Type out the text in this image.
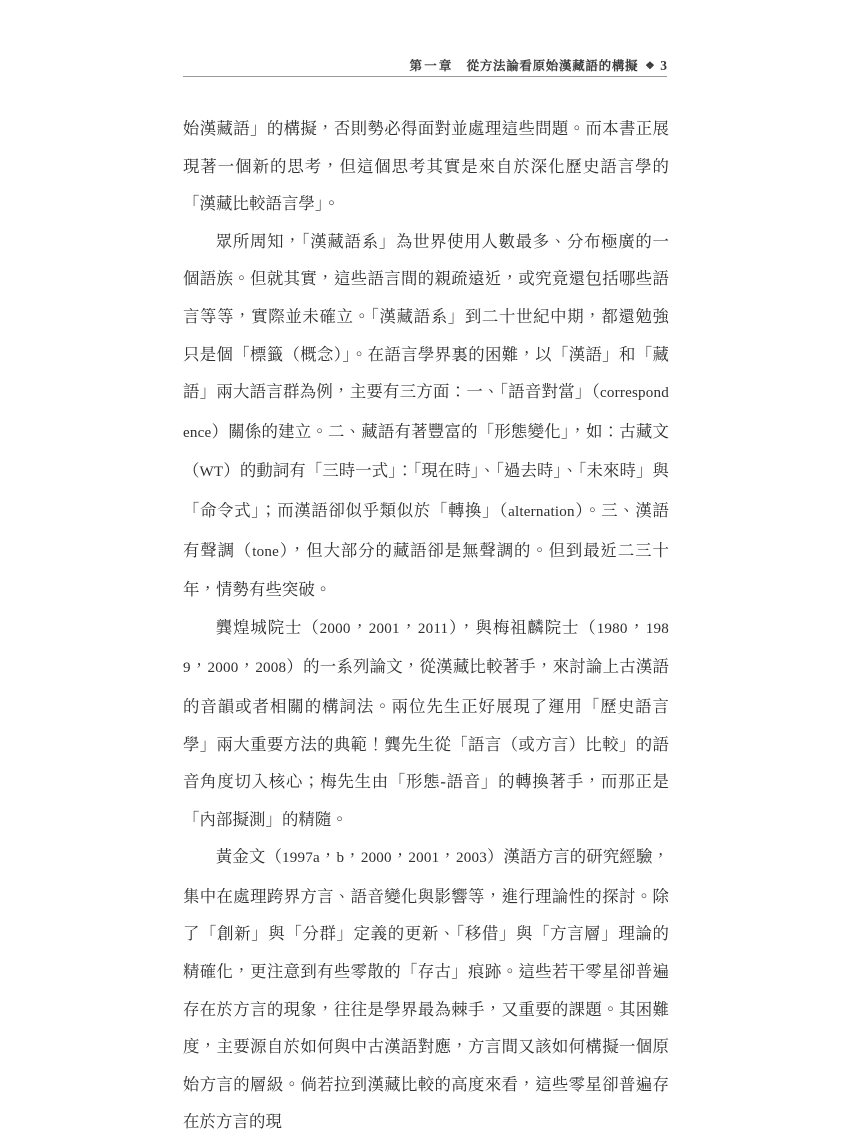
第一章 從方法論看原始漢藏語的構擬 ❖ 3

始漢藏語」的構擬，否則勢必得面對並處理這些問題。而本書正展現著一個新的思考，但這個思考其實是來自於深化歷史語言學的「漢藏比較語言學」。

眾所周知，「漢藏語系」為世界使用人數最多、分布極廣的一個語族。但就其實，這些語言間的親疏遠近，或究竟還包括哪些語言等等，實際並未確立。「漢藏語系」到二十世紀中期，都還勉強只是個「標籤（概念）」。在語言學界裏的困難，以「漢語」和「藏語」兩大語言群為例，主要有三方面：一、「語音對當」（correspondence）關係的建立。二、藏語有著豐富的「形態變化」，如：古藏文（WT）的動詞有「三時一式」：「現在時」、「過去時」、「未來時」與「命令式」；而漢語卻似乎類似於「轉換」（alternation）。三、漢語有聲調（tone），但大部分的藏語卻是無聲調的。但到最近二三十年，情勢有些突破。

龔煌城院士（2000，2001，2011），與梅祖麟院士（1980，1989，2000，2008）的一系列論文，從漢藏比較著手，來討論上古漢語的音韻或者相關的構詞法。兩位先生正好展現了運用「歷史語言學」兩大重要方法的典範！龔先生從「語言（或方言）比較」的語音角度切入核心；梅先生由「形態-語音」的轉換著手，而那正是「內部擬測」的精隨。

黃金文（1997a，b，2000，2001，2003）漢語方言的研究經驗，集中在處理跨界方言、語音變化與影響等，進行理論性的探討。除了「創新」與「分群」定義的更新、「移借」與「方言層」理論的精確化，更注意到有些零散的「存古」痕跡。這些若干零星卻普遍存在於方言的現象，往往是學界最為棘手，又重要的課題。其困難度，主要源自於如何與中古漢語對應，方言間又該如何構擬一個原始方言的層級。倘若拉到漢藏比較的高度來看，這些零星卻普遍存在於方言的現
